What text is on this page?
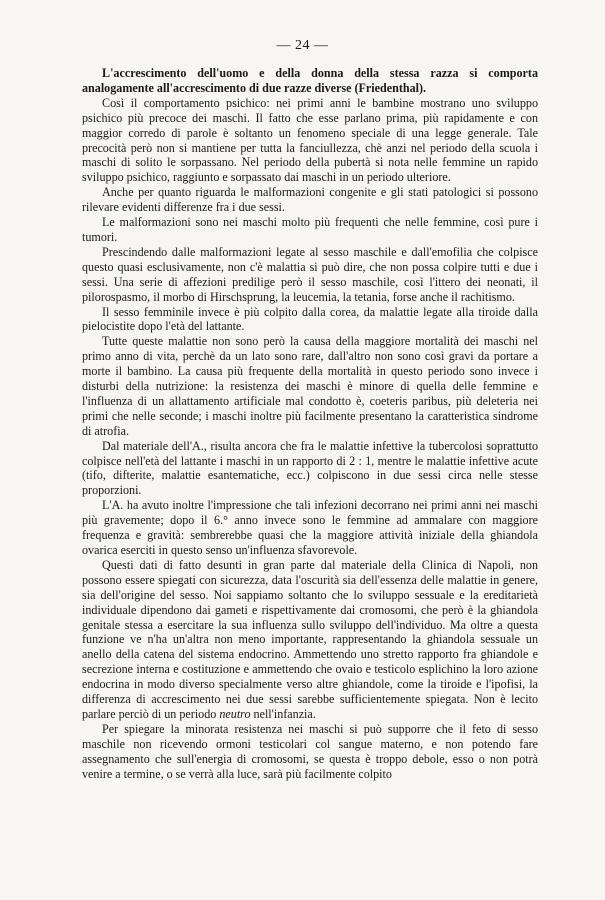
— 24 —

L'accrescimento dell'uomo e della donna della stessa razza si comporta analogamente all'accrescimento di due razze diverse (Friedenthal).

Così il comportamento psichico: nei primi anni le bambine mostrano uno sviluppo psichico più precoce dei maschi. Il fatto che esse parlano prima, più rapidamente e con maggior corredo di parole è soltanto un fenomeno speciale di una legge generale. Tale precocità però non si mantiene per tutta la fanciullezza, chè anzi nel periodo della scuola i maschi di solito le sorpassano. Nel periodo della pubertà si nota nelle femmine un rapido sviluppo psichico, raggiunto e sorpassato dai maschi in un periodo ulteriore.

Anche per quanto riguarda le malformazioni congenite e gli stati patologici si possono rilevare evidenti differenze fra i due sessi.

Le malformazioni sono nei maschi molto più frequenti che nelle femmine, così pure i tumori.

Prescindendo dalle malformazioni legate al sesso maschile e dall'emofilia che colpisce questo quasi esclusivamente, non c'è malattia si può dire, che non possa colpire tutti e due i sessi. Una serie di affezioni predilige però il sesso maschile, così l'ittero dei neonati, il pilorospasmo, il morbo di Hirschsprung, la leucemia, la tetania, forse anche il rachitismo.

Il sesso femminile invece è più colpito dalla corea, da malattie legate alla tiroide dalla pielocistite dopo l'età del lattante.

Tutte queste malattie non sono però la causa della maggiore mortalità dei maschi nel primo anno di vita, perchè da un lato sono rare, dall'altro non sono così gravi da portare a morte il bambino. La causa più frequente della mortalità in questo periodo sono invece i disturbi della nutrizione: la resistenza dei maschi è minore di quella delle femmine e l'influenza di un allattamento artificiale mal condotto è, coeteris paribus, più deleteria nei primi che nelle seconde; i maschi inoltre più facilmente presentano la caratteristica sindrome di atrofia.

Dal materiale dell'A., risulta ancora che fra le malattie infettive la tubercolosi soprattutto colpisce nell'età del lattante i maschi in un rapporto di 2 : 1, mentre le malattie infettive acute (tifo, difterite, malattie esantematiche, ecc.) colpiscono in due sessi circa nelle stesse proporzioni.

L'A. ha avuto inoltre l'impressione che tali infezioni decorrano nei primi anni nei maschi più gravemente; dopo il 6.° anno invece sono le femmine ad ammalare con maggiore frequenza e gravità: sembrerebbe quasi che la maggiore attività iniziale della ghiandola ovarica eserciti in questo senso un'influenza sfavorevole.

Questi dati di fatto desunti in gran parte dal materiale della Clinica di Napoli, non possono essere spiegati con sicurezza, data l'oscurità sia dell'essenza delle malattie in genere, sia dell'origine del sesso. Noi sappiamo soltanto che lo sviluppo sessuale e la ereditarietà individuale dipendono dai gameti e rispettivamente dai cromosomi, che però è la ghiandola genitale stessa a esercitare la sua influenza sullo sviluppo dell'individuo. Ma oltre a questa funzione ve n'ha un'altra non meno importante, rappresentando la ghiandola sessuale un anello della catena del sistema endocrino. Ammettendo uno stretto rapporto fra ghiandole e secrezione interna e costituzione e ammettendo che ovaio e testicolo esplichino la loro azione endocrina in modo diverso specialmente verso altre ghiandole, come la tiroide e l'ipofisi, la differenza di accrescimento nei due sessi sarebbe sufficientemente spiegata. Non è lecito parlare perciò di un periodo neutro nell'infanzia.

Per spiegare la minorata resistenza nei maschi si può supporre che il feto di sesso maschile non ricevendo ormoni testicolari col sangue materno, e non potendo fare assegnamento che sull'energia di cromosomi, se questa è troppo debole, esso o non potrà venire a termine, o se verrà alla luce, sarà più facilmente colpito
